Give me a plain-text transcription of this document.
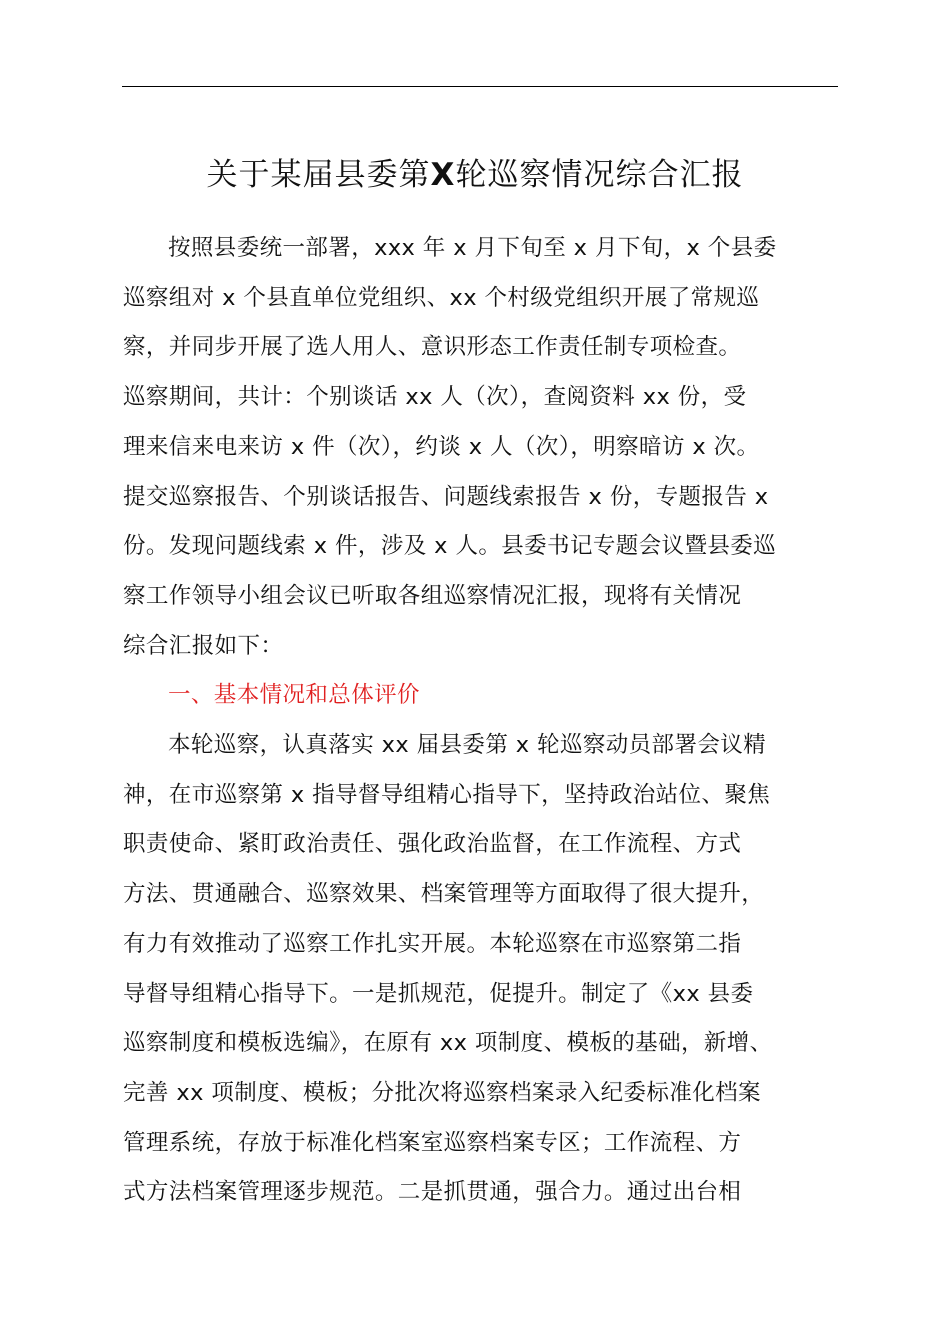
关于某届县委第X轮巡察情况综合汇报
按照县委统一部署，xxx 年 x 月下旬至 x 月下旬，x 个县委
巡察组对 x 个县直单位党组织、xx 个村级党组织开展了常规巡
察，并同步开展了选人用人、意识形态工作责任制专项检查。
巡察期间，共计：个别谈话 xx 人（次），查阅资料 xx 份，受
理来信来电来访 x 件（次），约谈 x 人（次），明察暗访 x 次。
提交巡察报告、个别谈话报告、问题线索报告 x 份，专题报告 x
份。发现问题线索 x 件，涉及 x 人。县委书记专题会议暨县委巡
察工作领导小组会议已听取各组巡察情况汇报，现将有关情况
综合汇报如下：
一、基本情况和总体评价
本轮巡察，认真落实 xx 届县委第 x 轮巡察动员部署会议精
神，在市巡察第 x 指导督导组精心指导下，坚持政治站位、聚焦
职责使命、紧盯政治责任、强化政治监督，在工作流程、方式
方法、贯通融合、巡察效果、档案管理等方面取得了很大提升，
有力有效推动了巡察工作扎实开展。本轮巡察在市巡察第二指
导督导组精心指导下。一是抓规范，促提升。制定了《xx 县委
巡察制度和模板选编》，在原有 xx 项制度、模板的基础，新增、
完善 xx 项制度、模板；分批次将巡察档案录入纪委标准化档案
管理系统，存放于标准化档案室巡察档案专区；工作流程、方
式方法档案管理逐步规范。二是抓贯通，强合力。通过出台相
